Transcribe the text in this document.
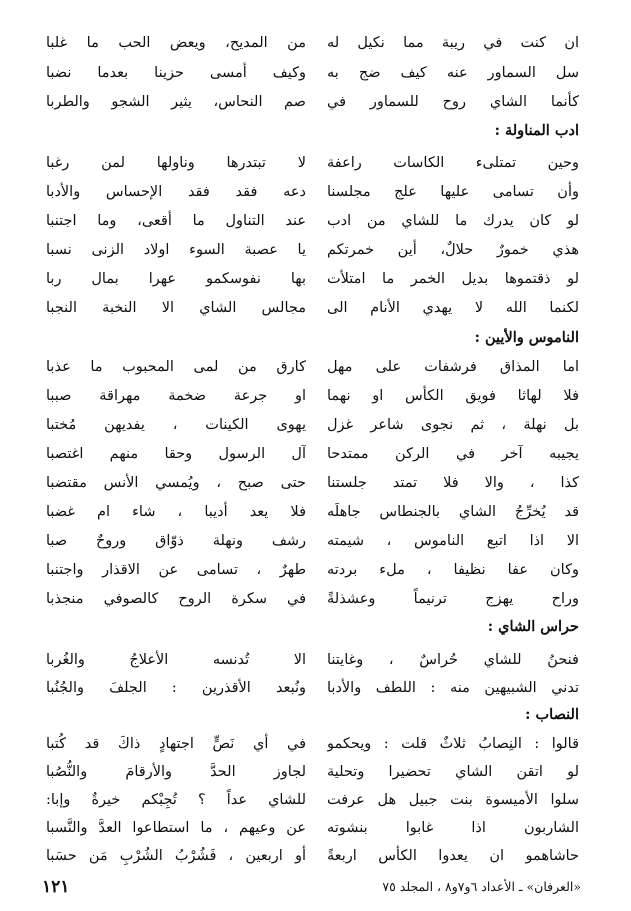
ان كنت في ريبة مما نكيل له
من المديح، ويعض الحب ما غلبا
سل السماور عنه كيف ضج به
وكيف أمسى حزينا بعدما نضبا
كأنما الشاي روح للسماور في
صم النحاس، يثير الشجو والطربا
ادب المناولة :
وحين تمتلىء الكاسات راعفة
لا تبتدرها وناولها لمن رغبا
وأن تسامى عليها علج مجلسنا
دعه فقد فقد الإحساس والأدبا
لو كان يدرك ما للشاي من ادب
عند التناول ما أقعى، وما اجتنبا
هذي خمورٌ حلالٌ، أين خمرتكم
يا عصبة السوء اولاد الزنى نسبا
لو ذقتموها بديل الخمر ما امتلأت
بها نفوسكمو عهرا بمال ربا
لكنما الله لا يهدي الأنام الى
مجالس الشاي الا النخبة النجبا
الناموس والأيين :
اما المذاق فرشفات على مهل
كارق من لمى المحبوب ما عذبا
فلا لهاثا فويق الكأس او نهما
او جرعة ضخمة مهراقة صببا
بل نهلة ، ثم نجوى شاعر غزل
يهوى الكينات ، يفديهن مُختبا
يجيبه آخر في الركن ممتدحا
آل الرسول وحقا منهم اغتصبا
كذا ، والا فلا تمتد جلستنا
حتى صبح ، ويُمسي الأنس مقتضبا
قد يُخرِّجُ الشاي بالجنطاس جاهلَه
فلا يعد أديبا ، شاء ام غضبا
الا اذا اتبع الناموس ، شيمته
رشف ونهلة ذوّاق وروحٌ صبا
وكان عفا نظيفا ، ملء بردته
طهرٌ ، تسامى عن الاقذار واجتنبا
وراح يهزج ترنيماً وعشذلةً
في سكرة الروح كالصوفي منجذبا
حراس الشاي :
فنحنُ للشاي حُراسٌ ، وغايتنا
الا تُدنسه الأعلاجُ والغُربا
تدني الشبيهين منه : اللطف والأدبا
ونُبعد الأقذرين : الجلفَ والجُنُبا
النصاب :
قالوا : النِصابُ ثلاثٌ قلت : ويحكمو
في أي نَصٍّ اجتهادٍ ذاكَ قد كُتبا
لو اتقن الشاي تحضيرا وتحلية
لجاوز الحدَّ والأرقامَ والنُّصُبا
سلوا الأميسوة بنت جبيل هل عرفت
للشاي عداً ؟ تُجِبْكم خيرةٌ وإبا:
الشاربون اذا غابوا بنشوته
عن وعيهم ، ما استطاعوا العدَّ والنَّسبا
حاشاهمو ان يعدوا الكأس اربعةً
أو اربعين ، فَشُرْبُ الشُرْبِ مَن حسَبا
«العرفان» ـ الأعداد ٦و٧و٨ ، المجلد ٧٥
١٢١
